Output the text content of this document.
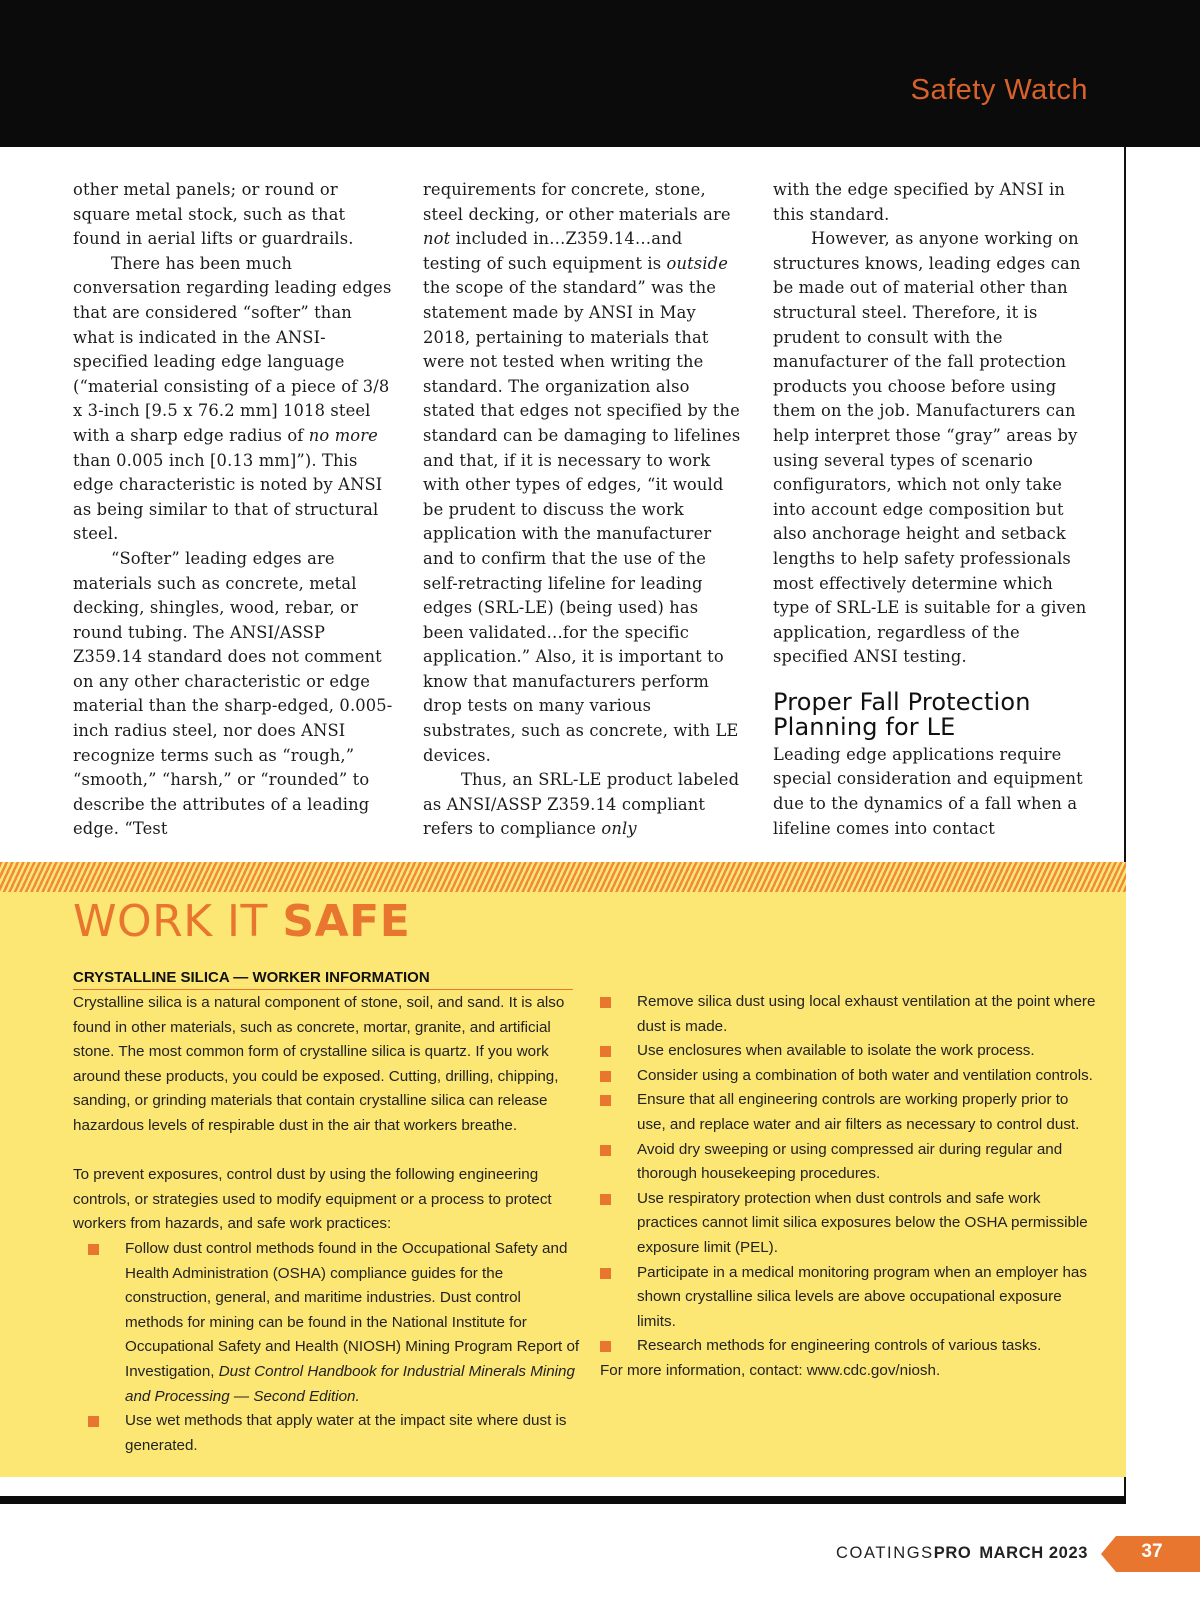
Safety Watch

other metal panels; or round or square metal stock, such as that found in aerial lifts or guardrails.

There has been much conversation regarding leading edges that are considered “softer” than what is indicated in the ANSI-specified leading edge language (“material consisting of a piece of 3/8 x 3-inch [9.5 x 76.2 mm] 1018 steel with a sharp edge radius of no more than 0.005 inch [0.13 mm]”). This edge characteristic is noted by ANSI as being similar to that of structural steel.

“Softer” leading edges are materials such as concrete, metal decking, shingles, wood, rebar, or round tubing. The ANSI/ASSP Z359.14 standard does not comment on any other characteristic or edge material than the sharp-edged, 0.005-inch radius steel, nor does ANSI recognize terms such as “rough,” “smooth,” “harsh,” or “rounded” to describe the attributes of a leading edge. “Test

requirements for concrete, stone, steel decking, or other materials are not included in…Z359.14…and testing of such equipment is outside the scope of the standard” was the statement made by ANSI in May 2018, pertaining to materials that were not tested when writing the standard. The organization also stated that edges not specified by the standard can be damaging to lifelines and that, if it is necessary to work with other types of edges, “it would be prudent to discuss the work application with the manufacturer and to confirm that the use of the self-retracting lifeline for leading edges (SRL-LE) (being used) has been validated…for the specific application.” Also, it is important to know that manufacturers perform drop tests on many various substrates, such as concrete, with LE devices.

Thus, an SRL-LE product labeled as ANSI/ASSP Z359.14 compliant refers to compliance only

with the edge specified by ANSI in this standard.

However, as anyone working on structures knows, leading edges can be made out of material other than structural steel. Therefore, it is prudent to consult with the manufacturer of the fall protection products you choose before using them on the job. Manufacturers can help interpret those “gray” areas by using several types of scenario configurators, which not only take into account edge composition but also anchorage height and setback lengths to help safety professionals most effectively determine which type of SRL-LE is suitable for a given application, regardless of the specified ANSI testing.

Proper Fall Protection Planning for LE

Leading edge applications require special consideration and equipment due to the dynamics of a fall when a lifeline comes into contact

WORK IT SAFE
CRYSTALLINE SILICA — WORKER INFORMATION

Crystalline silica is a natural component of stone, soil, and sand. It is also found in other materials, such as concrete, mortar, granite, and artificial stone. The most common form of crystalline silica is quartz. If you work around these products, you could be exposed. Cutting, drilling, chipping, sanding, or grinding materials that contain crystalline silica can release hazardous levels of respirable dust in the air that workers breathe.

To prevent exposures, control dust by using the following engineering controls, or strategies used to modify equipment or a process to protect workers from hazards, and safe work practices:

Follow dust control methods found in the Occupational Safety and Health Administration (OSHA) compliance guides for the construction, general, and maritime industries. Dust control methods for mining can be found in the National Institute for Occupational Safety and Health (NIOSH) Mining Program Report of Investigation, Dust Control Handbook for Industrial Minerals Mining and Processing — Second Edition.
Use wet methods that apply water at the impact site where dust is generated.
Remove silica dust using local exhaust ventilation at the point where dust is made.
Use enclosures when available to isolate the work process.
Consider using a combination of both water and ventilation controls.
Ensure that all engineering controls are working properly prior to use, and replace water and air filters as necessary to control dust.
Avoid dry sweeping or using compressed air during regular and thorough housekeeping procedures.
Use respiratory protection when dust controls and safe work practices cannot limit silica exposures below the OSHA permissible exposure limit (PEL).
Participate in a medical monitoring program when an employer has shown crystalline silica levels are above occupational exposure limits.
Research methods for engineering controls of various tasks.

For more information, contact: www.cdc.gov/niosh.

COATINGSPRO MARCH 2023	37
